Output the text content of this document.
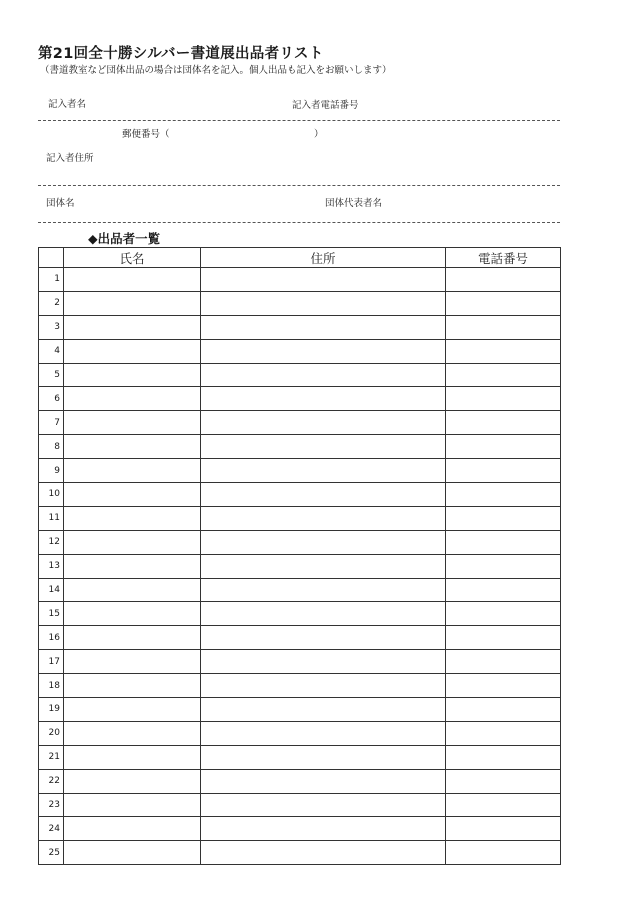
第21回全十勝シルバー書道展出品者リスト
（書道教室など団体出品の場合は団体名を記入。個人出品も記入をお願いします）
記入者名	記入者電話番号
郵便番号（	）
記入者住所
団体名	団体代表者名
◆出品者一覧
	氏名	住所	電話番号
1			
2			
3			
4			
5			
6			
7			
8			
9			
10			
11			
12			
13			
14			
15			
16			
17			
18			
19			
20			
21			
22			
23			
24			
25			
